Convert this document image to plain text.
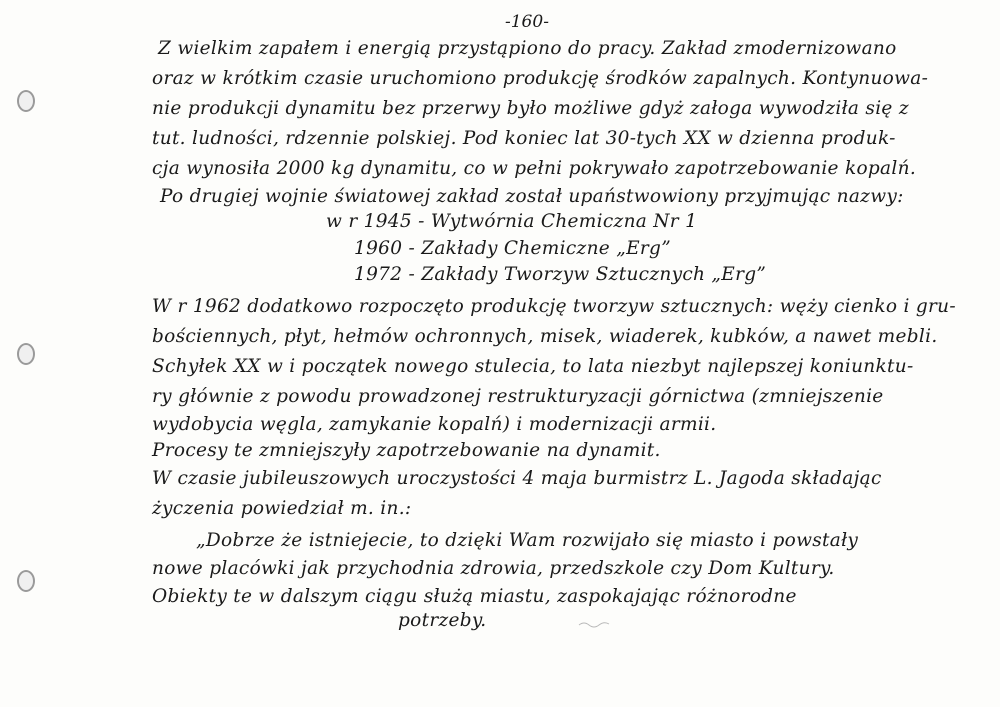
-160-
Z wielkim zapałem i energią przystąpiono do pracy. Zakład zmodernizowano
oraz w krótkim czasie uruchomiono produkcję środków zapalnych. Kontynuowa-
nie produkcji dynamitu bez przerwy było możliwe gdyż załoga wywodziła się z
tut. ludności, rdzennie polskiej. Pod koniec lat 30-tych XX w dzienna produk-
cja wynosiła 2000 kg dynamitu, co w pełni pokrywało zapotrzebowanie kopalń.
Po drugiej wojnie światowej zakład został upaństwowiony przyjmując nazwy:
w r 1945 - Wytwórnia Chemiczna Nr 1
1960 - Zakłady Chemiczne „Erg”
1972 - Zakłady Tworzyw Sztucznych „Erg”
W r 1962 dodatkowo rozpoczęto produkcję tworzyw sztucznych: węży cienko i gru-
bościennych, płyt, hełmów ochronnych, misek, wiaderek, kubków, a nawet mebli.
Schyłek XX w i początek nowego stulecia, to lata niezbyt najlepszej koniunktu-
ry głównie z powodu prowadzonej restrukturyzacji górnictwa (zmniejszenie
wydobycia węgla, zamykanie kopalń) i modernizacji armii.
Procesy te zmniejszyły zapotrzebowanie na dynamit.
W czasie jubileuszowych uroczystości 4 maja burmistrz L. Jagoda składając
życzenia powiedział m. in.:
„Dobrze że istniejecie, to dzięki Wam rozwijało się miasto i powstały
nowe placówki jak przychodnia zdrowia, przedszkole czy Dom Kultury.
Obiekty te w dalszym ciągu służą miastu, zaspokajając różnorodne
potrzeby.
